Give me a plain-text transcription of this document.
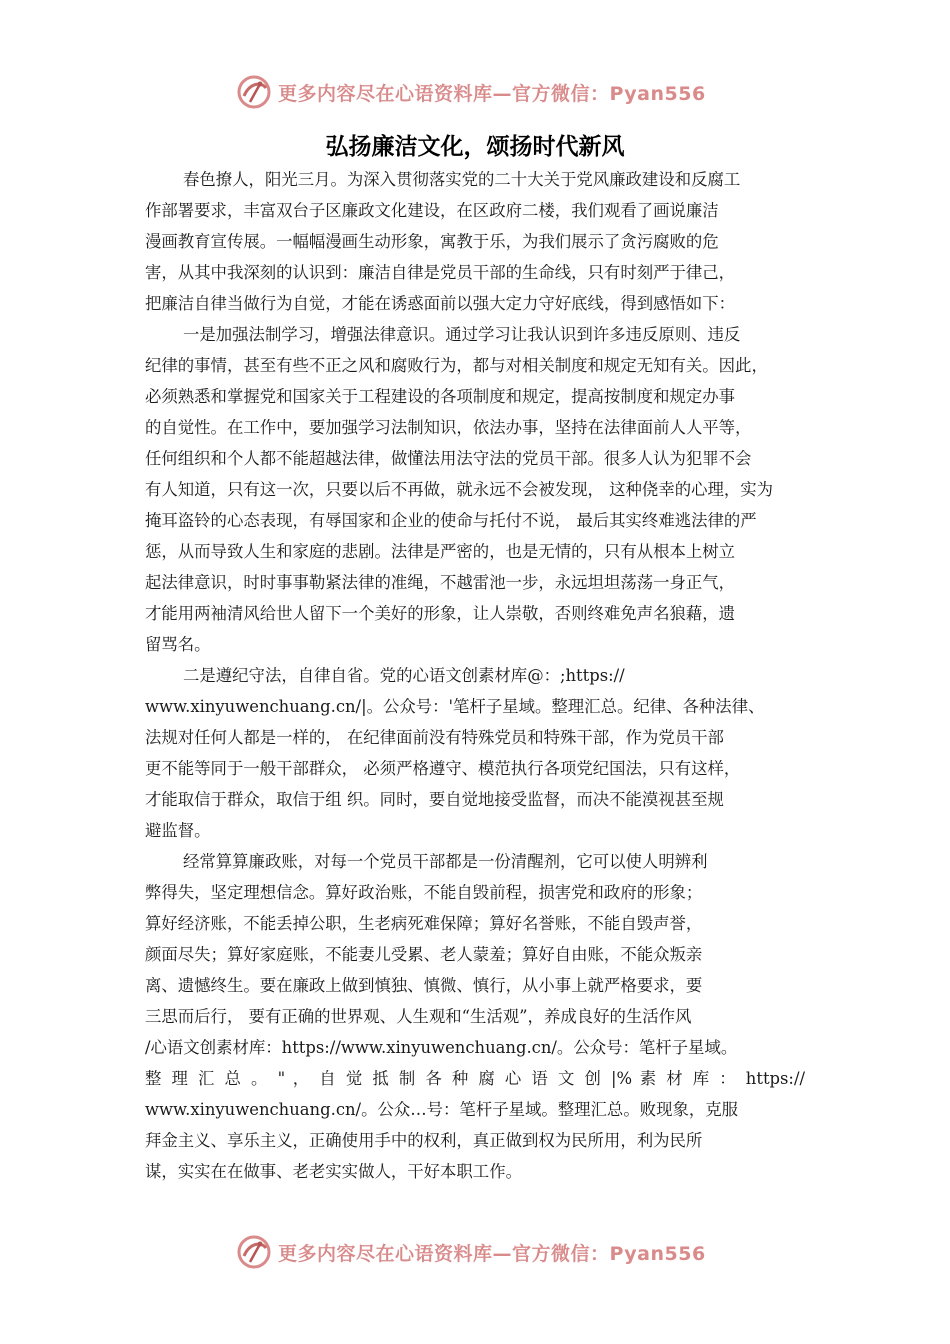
更多内容尽在心语资料库—官方微信：Pyan556
弘扬廉洁文化，颂扬时代新风
春色撩人，阳光三月。为深入贯彻落实党的二十大关于党风廉政建设和反腐工
作部署要求，丰富双台子区廉政文化建设，在区政府二楼，我们观看了画说廉洁
漫画教育宣传展。一幅幅漫画生动形象，寓教于乐，为我们展示了贪污腐败的危
害，从其中我深刻的认识到：廉洁自律是党员干部的生命线，只有时刻严于律己，
把廉洁自律当做行为自觉，才能在诱惑面前以强大定力守好底线，得到感悟如下：
一是加强法制学习，增强法律意识。通过学习让我认识到许多违反原则、违反
纪律的事情，甚至有些不正之风和腐败行为，都与对相关制度和规定无知有关。因此，
必须熟悉和掌握党和国家关于工程建设的各项制度和规定，提高按制度和规定办事
的自觉性。在工作中，要加强学习法制知识，依法办事，坚持在法律面前人人平等，
任何组织和个人都不能超越法律，做懂法用法守法的党员干部。很多人认为犯罪不会
有人知道，只有这一次，只要以后不再做，就永远不会被发现， 这种侥幸的心理，实为
掩耳盗铃的心态表现，有辱国家和企业的使命与托付不说， 最后其实终难逃法律的严
惩，从而导致人生和家庭的悲剧。法律是严密的，也是无情的，只有从根本上树立
起法律意识，时时事事勒紧法律的准绳，不越雷池一步，永远坦坦荡荡一身正气，
才能用两袖清风给世人留下一个美好的形象，让人崇敬，否则终难免声名狼藉，遗
留骂名。
二是遵纪守法，自律自省。党的心语文创素材库@：;https://
www.xinyuwenchuang.cn/|。公众号：'笔杆子星域。整理汇总。纪律、各种法律、
法规对任何人都是一样的， 在纪律面前没有特殊党员和特殊干部，作为党员干部
更不能等同于一般干部群众， 必须严格遵守、模范执行各项党纪国法，只有这样，
才能取信于群众，取信于组 织。同时，要自觉地接受监督，而决不能漠视甚至规
避监督。
经常算算廉政账，对每一个党员干部都是一份清醒剂，它可以使人明辨利
弊得失，坚定理想信念。算好政治账，不能自毁前程，损害党和政府的形象；
算好经济账，不能丢掉公职，生老病死难保障；算好名誉账，不能自毁声誉，
颜面尽失；算好家庭账，不能妻儿受累、老人蒙羞；算好自由账，不能众叛亲
离、遗憾终生。要在廉政上做到慎独、慎微、慎行，从小事上就严格要求，要
三思而后行， 要有正确的世界观、人生观和“生活观”，养成良好的生活作风
/心语文创素材库：https://www.xinyuwenchuang.cn/。公众号：笔杆子星域。
整 理 汇 总 。 " ， 自 觉 抵 制 各 种 腐 心 语 文 创 |% 素 材 库 ： https://
www.xinyuwenchuang.cn/。公众…号：笔杆子星域。整理汇总。败现象，克服
拜金主义、享乐主义，正确使用手中的权利，真正做到权为民所用，利为民所
谋，实实在在做事、老老实实做人，干好本职工作。
更多内容尽在心语资料库—官方微信：Pyan556
